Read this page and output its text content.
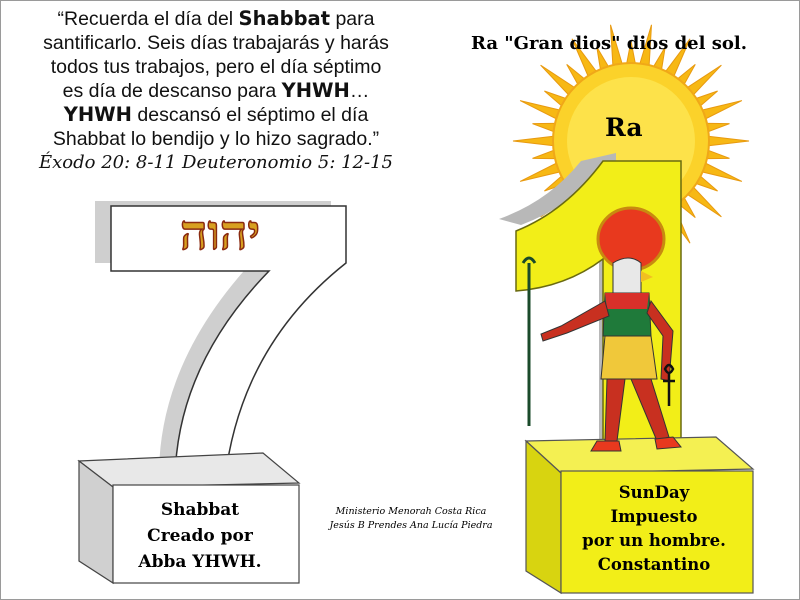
“Recuerda el día del Shabbat para
santificarlo. Seis días trabajarás y harás
todos tus trabajos, pero el día séptimo
es día de descanso para YHWH…
YHWH descansó el séptimo el día
Shabbat lo bendijo y lo hizo sagrado.”
Éxodo 20: 8-11 Deuteronomio 5: 12-15
Ra "Gran dios" dios del sol.
Ra
יהוה
Shabbat
Creado por
Abba YHWH.
Ministerio Menorah Costa Rica
Jesús B Prendes Ana Lucía Piedra
SunDay
Impuesto
por un hombre.
Constantino
